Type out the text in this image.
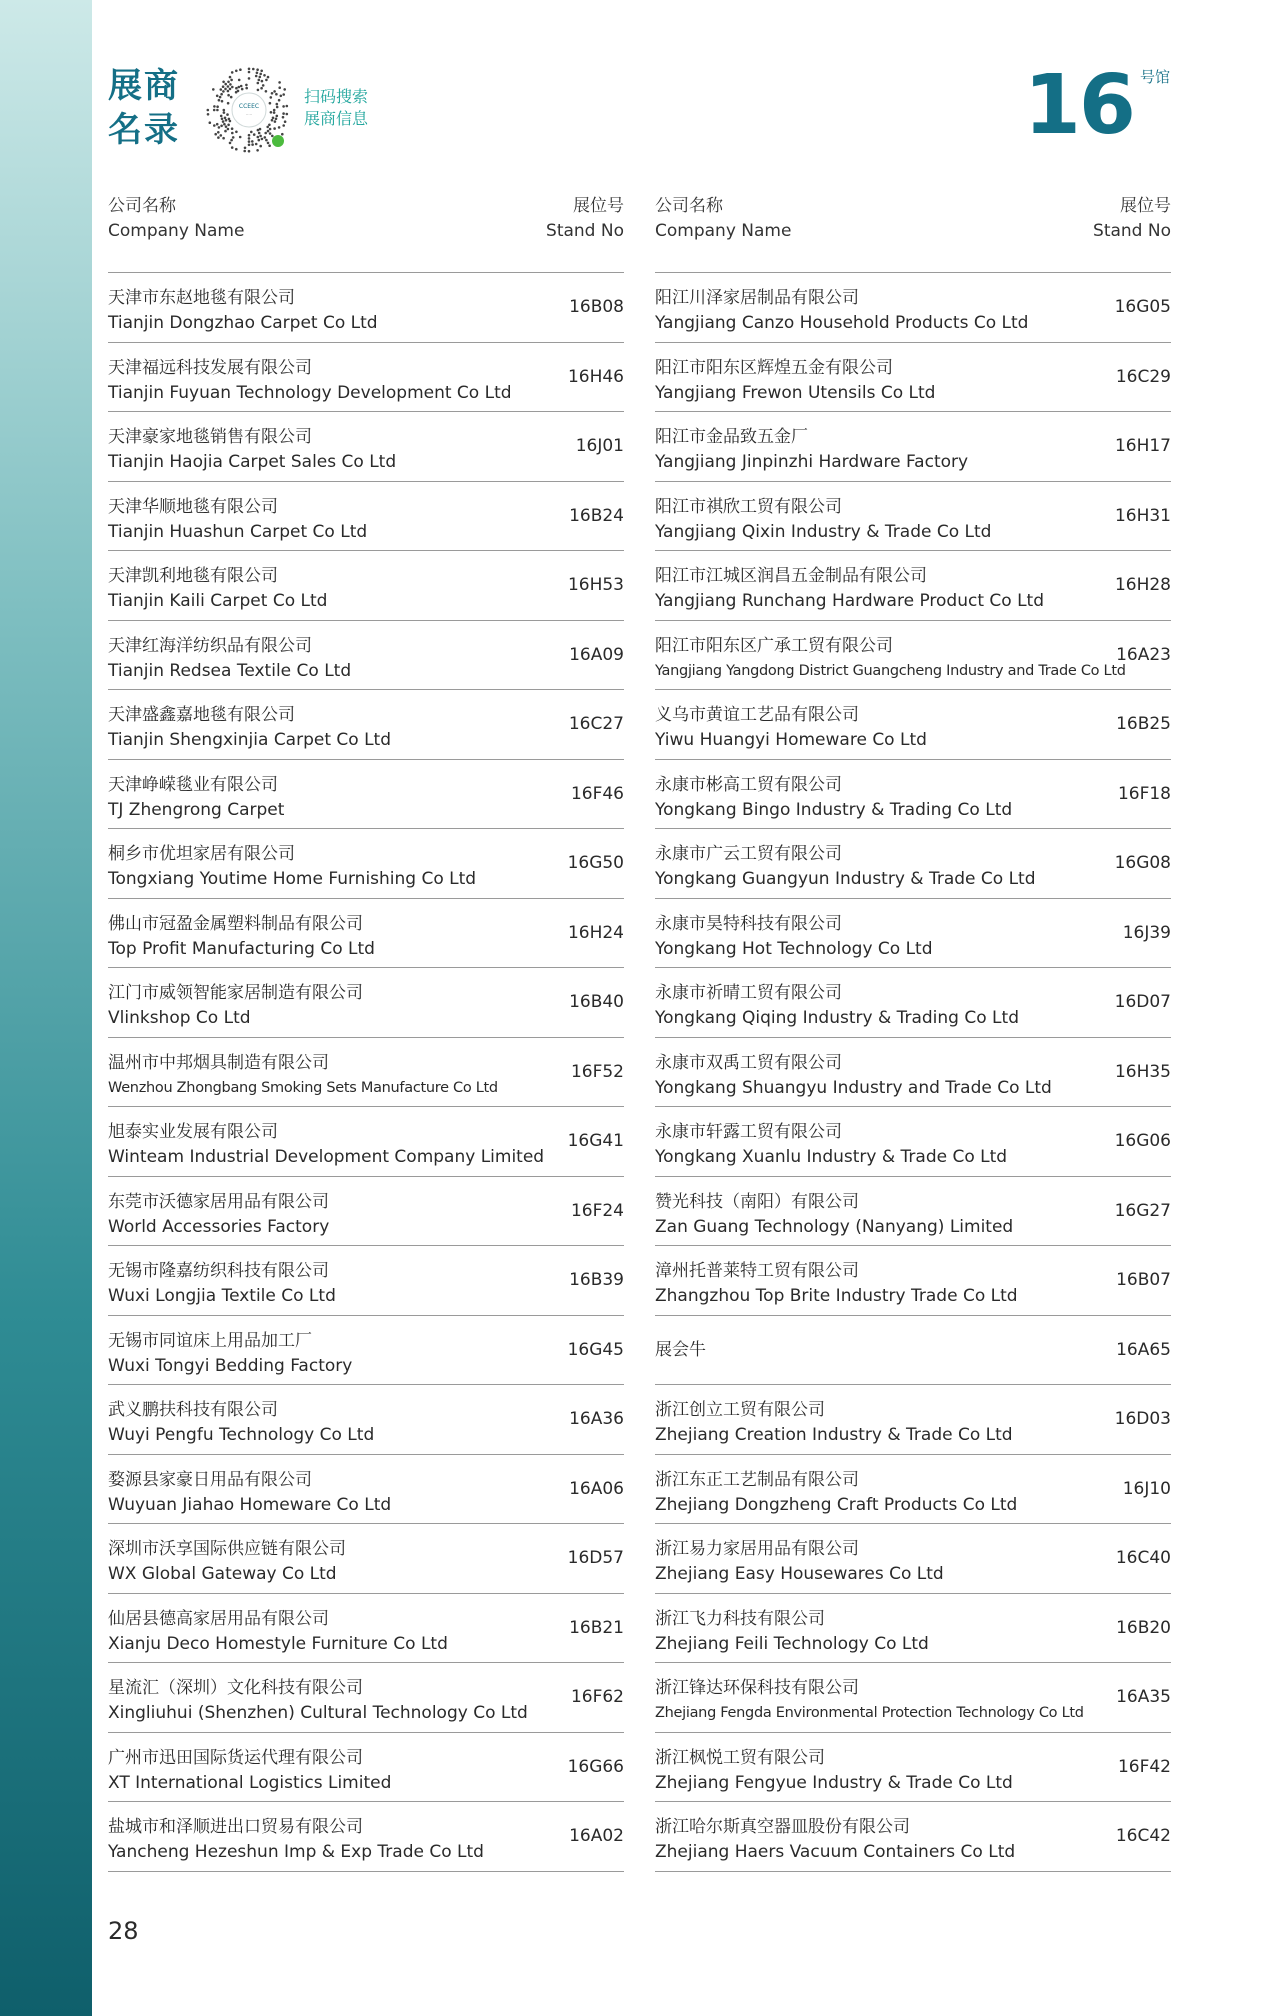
展商
名录
CCEEC
·····
扫码搜索
展商信息	16 号馆
公司名称
Company Name
展位号
Stand No
天津市东赵地毯有限公司
Tianjin Dongzhao Carpet Co Ltd
16B08
天津福远科技发展有限公司
Tianjin Fuyuan Technology Development Co Ltd
16H46
天津豪家地毯销售有限公司
Tianjin Haojia Carpet Sales Co Ltd
16J01
天津华顺地毯有限公司
Tianjin Huashun Carpet Co Ltd
16B24
天津凯利地毯有限公司
Tianjin Kaili Carpet Co Ltd
16H53
天津红海洋纺织品有限公司
Tianjin Redsea Textile Co Ltd
16A09
天津盛鑫嘉地毯有限公司
Tianjin Shengxinjia Carpet Co Ltd
16C27
天津峥嵘毯业有限公司
TJ Zhengrong Carpet
16F46
桐乡市优坦家居有限公司
Tongxiang Youtime Home Furnishing Co Ltd
16G50
佛山市冠盈金属塑料制品有限公司
Top Profit Manufacturing Co Ltd
16H24
江门市威领智能家居制造有限公司
Vlinkshop Co Ltd
16B40
温州市中邦烟具制造有限公司
Wenzhou Zhongbang Smoking Sets Manufacture Co Ltd
16F52
旭泰实业发展有限公司
Winteam Industrial Development Company Limited
16G41
东莞市沃德家居用品有限公司
World Accessories Factory
16F24
无锡市隆嘉纺织科技有限公司
Wuxi Longjia Textile Co Ltd
16B39
无锡市同谊床上用品加工厂
Wuxi Tongyi Bedding Factory
16G45
武义鹏扶科技有限公司
Wuyi Pengfu Technology Co Ltd
16A36
婺源县家豪日用品有限公司
Wuyuan Jiahao Homeware Co Ltd
16A06
深圳市沃享国际供应链有限公司
WX Global Gateway Co Ltd
16D57
仙居县德高家居用品有限公司
Xianju Deco Homestyle Furniture Co Ltd
16B21
星流汇（深圳）文化科技有限公司
Xingliuhui (Shenzhen) Cultural Technology Co Ltd
16F62
广州市迅田国际货运代理有限公司
XT International Logistics Limited
16G66
盐城市和泽顺进出口贸易有限公司
Yancheng Hezeshun Imp & Exp Trade Co Ltd
16A02
公司名称
Company Name
展位号
Stand No
阳江川泽家居制品有限公司
Yangjiang Canzo Household Products Co Ltd
16G05
阳江市阳东区辉煌五金有限公司
Yangjiang Frewon Utensils Co Ltd
16C29
阳江市金品致五金厂
Yangjiang Jinpinzhi Hardware Factory
16H17
阳江市祺欣工贸有限公司
Yangjiang Qixin Industry & Trade Co Ltd
16H31
阳江市江城区润昌五金制品有限公司
Yangjiang Runchang Hardware Product Co Ltd
16H28
阳江市阳东区广承工贸有限公司
Yangjiang Yangdong District Guangcheng Industry and Trade Co Ltd
16A23
义乌市黄谊工艺品有限公司
Yiwu Huangyi Homeware Co Ltd
16B25
永康市彬高工贸有限公司
Yongkang Bingo Industry & Trading Co Ltd
16F18
永康市广云工贸有限公司
Yongkang Guangyun Industry & Trade Co Ltd
16G08
永康市昊特科技有限公司
Yongkang Hot Technology Co Ltd
16J39
永康市祈晴工贸有限公司
Yongkang Qiqing Industry & Trading Co Ltd
16D07
永康市双禹工贸有限公司
Yongkang Shuangyu Industry and Trade Co Ltd
16H35
永康市轩露工贸有限公司
Yongkang Xuanlu Industry & Trade Co Ltd
16G06
赞光科技（南阳）有限公司
Zan Guang Technology (Nanyang) Limited
16G27
漳州托普莱特工贸有限公司
Zhangzhou Top Brite Industry Trade Co Ltd
16B07
展会牛	16A65
浙江创立工贸有限公司
Zhejiang Creation Industry & Trade Co Ltd
16D03
浙江东正工艺制品有限公司
Zhejiang Dongzheng Craft Products Co Ltd
16J10
浙江易力家居用品有限公司
Zhejiang Easy Housewares Co Ltd
16C40
浙江飞力科技有限公司
Zhejiang Feili Technology Co Ltd
16B20
浙江锋达环保科技有限公司
Zhejiang Fengda Environmental Protection Technology Co Ltd
16A35
浙江枫悦工贸有限公司
Zhejiang Fengyue Industry & Trade Co Ltd
16F42
浙江哈尔斯真空器皿股份有限公司
Zhejiang Haers Vacuum Containers Co Ltd
16C42
28
